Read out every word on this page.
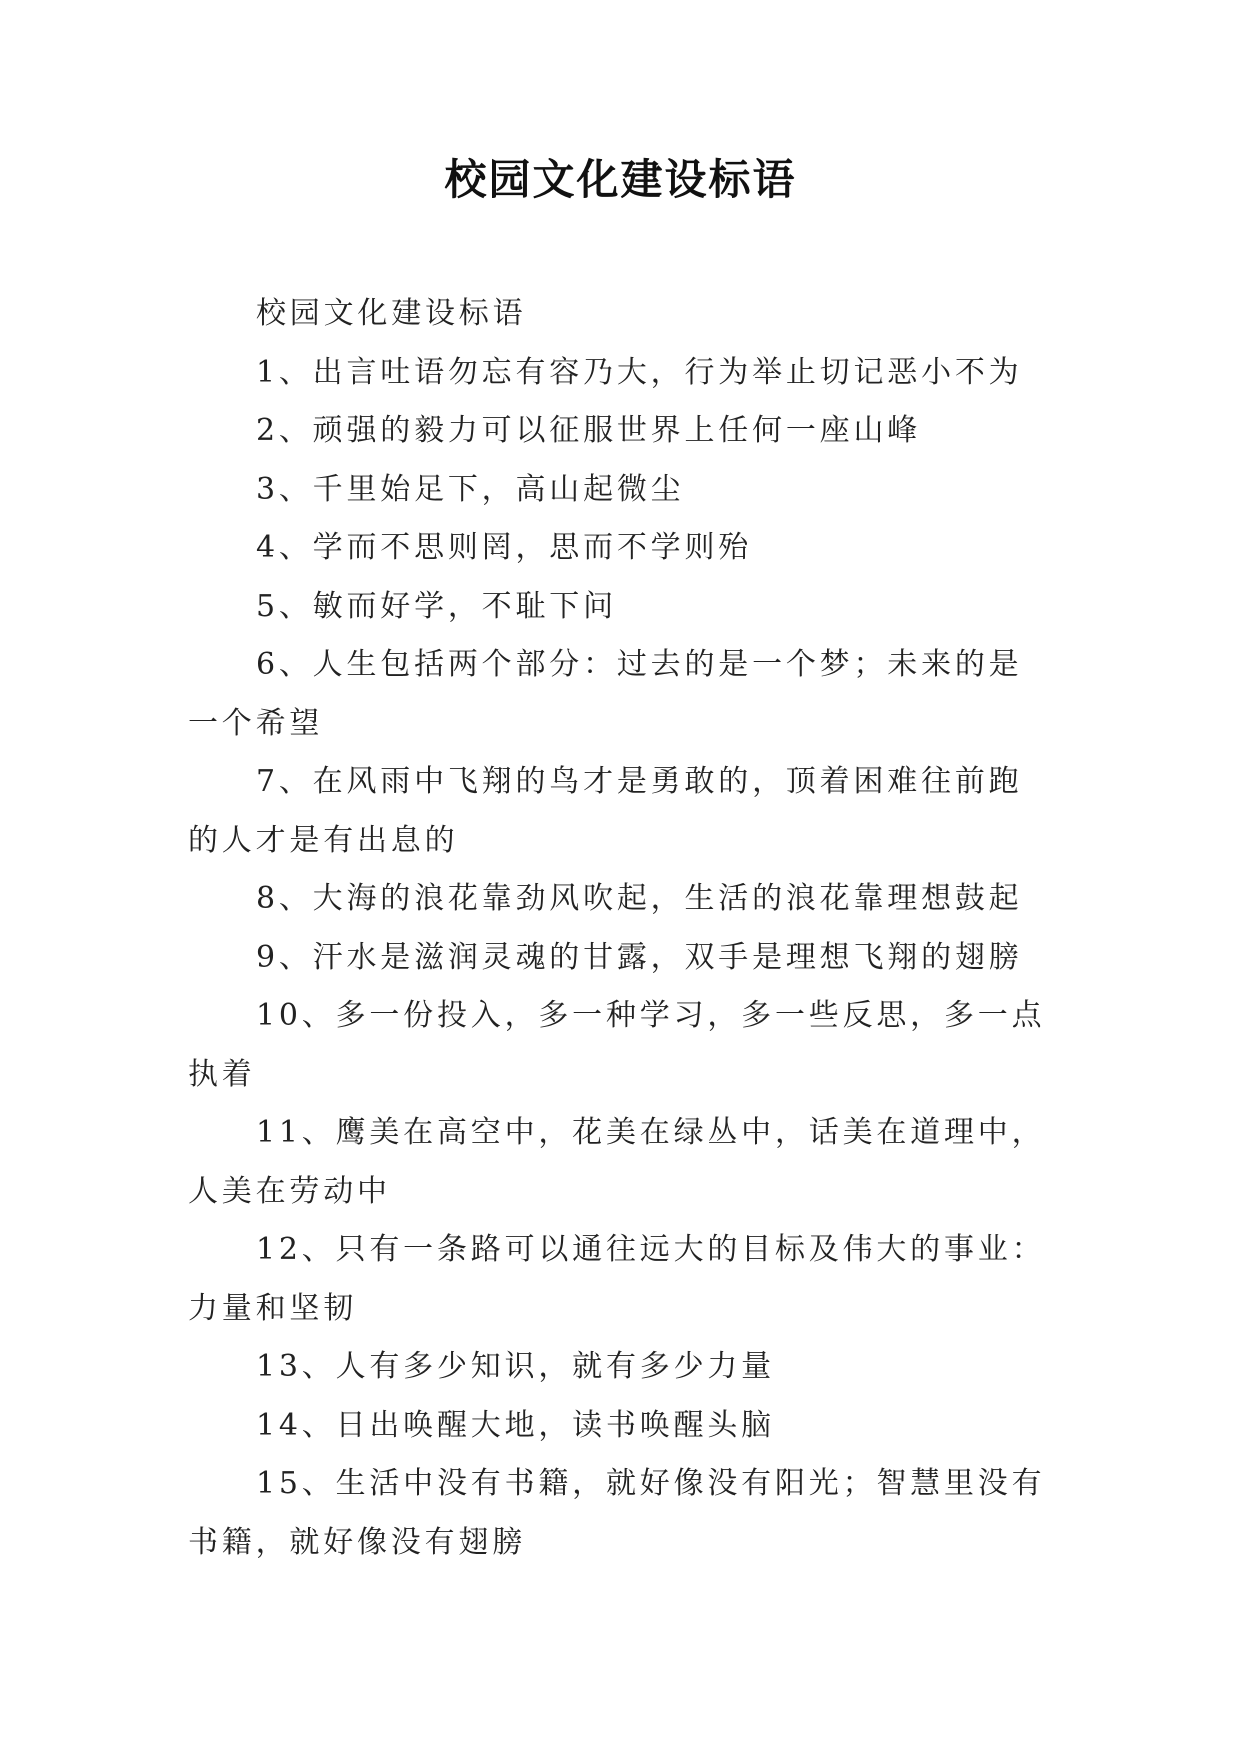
校园文化建设标语

校园文化建设标语

1、出言吐语勿忘有容乃大，行为举止切记恶小不为

2、顽强的毅力可以征服世界上任何一座山峰

3、千里始足下，高山起微尘

4、学而不思则罔，思而不学则殆

5、敏而好学，不耻下问

6、人生包括两个部分：过去的是一个梦；未来的是一个希望

7、在风雨中飞翔的鸟才是勇敢的，顶着困难往前跑的人才是有出息的

8、大海的浪花靠劲风吹起，生活的浪花靠理想鼓起

9、汗水是滋润灵魂的甘露，双手是理想飞翔的翅膀

10、多一份投入，多一种学习，多一些反思，多一点执着

11、鹰美在高空中，花美在绿丛中，话美在道理中，人美在劳动中

12、只有一条路可以通往远大的目标及伟大的事业：力量和坚韧

13、人有多少知识，就有多少力量

14、日出唤醒大地，读书唤醒头脑

15、生活中没有书籍，就好像没有阳光；智慧里没有书籍，就好像没有翅膀
